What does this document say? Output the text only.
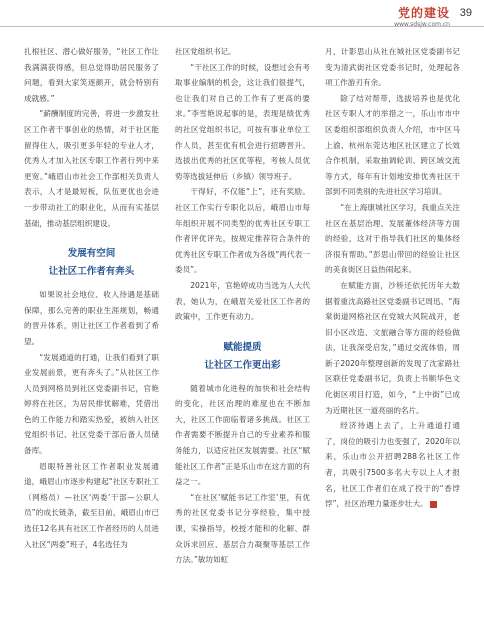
党的建设
www.sdsjw.com.cn
39

扎根社区、潜心做好服务，“社区工作让我满满获得感，但总觉得助居民服务了问题，看到大家笑逐颜开，就会特别有成就感。”

“薪酬制度的完善，将进一步激发社区工作者干事创业的热情，对于社区能留得住人，吸引更多年轻的专业人才，优秀人才加入社区专职工作者行列中来更宽。”峨眉山市社会工作部相关负责人表示，人才是最短板，队伍更优也会进一步带动社工的职业化，从而有实基层基础，推动基层组织建设。

发展有空间
让社区工作者有奔头

如果说社会地位、收入待遇是基础保障，那么完善的职业生涯规划，畅通的晋升体系，则让社区工作者看到了希望。

“发展通道的打通，让我们看到了职业发展前景，更有奔头了。”从社区工作人员到网格员到社区党委副书记，官艳婷将在社区，为居民排忧解难，凭借出色的工作能力和踏实热爱，被纳入社区党组织书记、社区党委干部后备人员储备库。

眉眼特善社区工作者职业发展通道，峨眉山市逐步构建起“社区专职社工（网格员）—社区‘两委’干部—公职人员”的成长链条，截至目前，峨眉山市已选任12名具有社区工作者经历的人员进入社区“两委”班子，4名选任为

社区党组织书记。

“干社区工作的时候，设想过会有考取事业编制的机会，这让我们很提气，也让我们对自己的工作有了更高的要求。”李雪艳说起事的是，表现是绩优秀的社区党组织书记，可按有事业单位工作人员，甚至优有机会进行招聘晋升。选拔出优秀的社区优等程，考核人员优势等选拔延伸后（乡镇）领导班子。

干得好，不仅能“上”，还有奖励。社区工作实行专职化以后，峨眉山市每年组织开展不同类型的优秀社区专职工作者评优评先，按规定推荐符合条件的优秀社区专职工作者成为各级“两代表一委员”。

2021年，官艳婷成功当选为人大代表，她认为，在峨眉关爱社区工作者的政策中，工作更有动力。

赋能提质
让社区工作更出彩

随着城市化进程的加快和社会结构的变化，社区治理的难度也在不断加大，社区工作面临着诸多挑战。社区工作者需要不断提升自己的专业素养和服务能力，以适应社区发展需要。社区“赋能社区工作者”正是乐山市在这方面的有益之一。

“在社区‘赋能书记工作室’里，有优秀的社区党委书记分享经验，集中授课，实操指导，校授才能和的化解、群众诉求回应、基层合力凝聚等基层工作方法。”敏坊如虹

月，计影思山从社在城社区党委副书记变为清武街社区党委书记时，处理起各项工作游刃有余。

除了结对帮带，选拔培养也是优化社区专职人才的举措之一，乐山市市中区委组织部组织负责人介绍，市中区马上渝、杭州东莞达地区社区建立了长效合作机制，采取抽调轮训、跨区域交流等方式，每年有计划地安排优秀社区干部到不同类别的先进社区学习培训。

“在上海康城社区学习，我重点关注社区在基层治理、发展董体经济等方面的经验，这对于指导我们社区的集体经济很有帮助。”彭思山带回的经验让社区的美食街区日益热闹起来。

在赋能方面，沙桥还依托历年大数据着重沈高路社区党委副书记周迅、“海棠街道网格社区在党城大风院战开，老旧小区改造、文旅融合等方面的经验做法，让我深受启发，”通过交流体悟，周新子2020年整理创新的发现了沈家路社区联任党委副书记，负责上书顺华色文化街区项目打造，如今，“上中街”已成为近期社区一道亮丽的名片。

经济待遇上去了，上升通道打通了，岗位的吸引力也变强了，2020年以来，乐山市公开招聘288名社区工作者，共吸引7500多名大专以上人才报名，社区工作者们在成了投于的“香饽饽”，社区治理力量逐步壮大。
